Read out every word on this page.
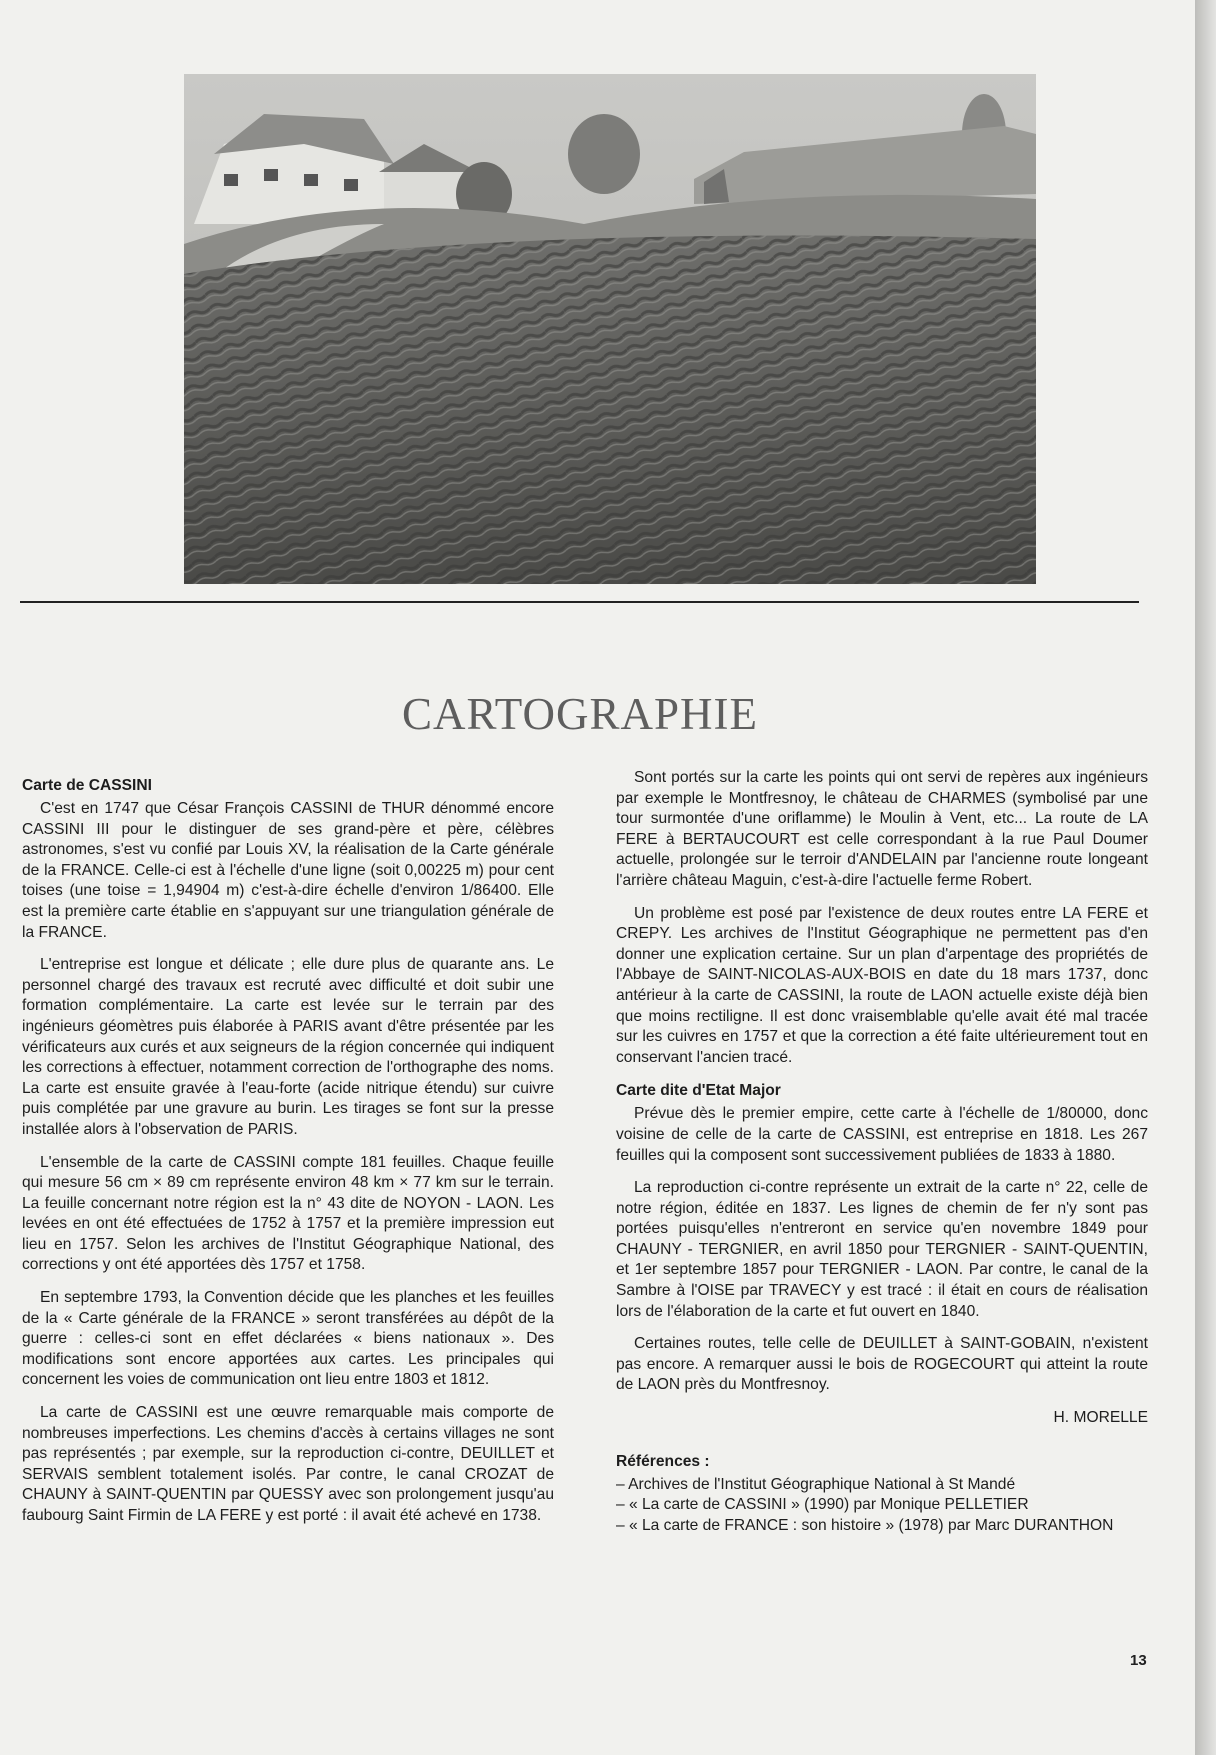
CARTOGRAPHIE
Carte de CASSINI

C'est en 1747 que César François CASSINI de THUR dénommé encore CASSINI III pour le distinguer de ses grand-père et père, célèbres astronomes, s'est vu confié par Louis XV, la réalisation de la Carte générale de la FRANCE. Celle-ci est à l'échelle d'une ligne (soit 0,00225 m) pour cent toises (une toise = 1,94904 m) c'est-à-dire échelle d'environ 1/86400. Elle est la première carte établie en s'appuyant sur une triangulation générale de la FRANCE.

L'entreprise est longue et délicate ; elle dure plus de quarante ans. Le personnel chargé des travaux est recruté avec difficulté et doit subir une formation complémentaire. La carte est levée sur le terrain par des ingénieurs géomètres puis élaborée à PARIS avant d'être présentée par les vérificateurs aux curés et aux seigneurs de la région concernée qui indiquent les corrections à effectuer, notamment correction de l'orthographe des noms. La carte est ensuite gravée à l'eau-forte (acide nitrique étendu) sur cuivre puis complétée par une gravure au burin. Les tirages se font sur la presse installée alors à l'observation de PARIS.

L'ensemble de la carte de CASSINI compte 181 feuilles. Chaque feuille qui mesure 56 cm × 89 cm représente environ 48 km × 77 km sur le terrain. La feuille concernant notre région est la n° 43 dite de NOYON - LAON. Les levées en ont été effectuées de 1752 à 1757 et la première impression eut lieu en 1757. Selon les archives de l'Institut Géographique National, des corrections y ont été apportées dès 1757 et 1758.

En septembre 1793, la Convention décide que les planches et les feuilles de la « Carte générale de la FRANCE » seront transférées au dépôt de la guerre : celles-ci sont en effet déclarées « biens nationaux ». Des modifications sont encore apportées aux cartes. Les principales qui concernent les voies de communication ont lieu entre 1803 et 1812.

La carte de CASSINI est une œuvre remarquable mais comporte de nombreuses imperfections. Les chemins d'accès à certains villages ne sont pas représentés ; par exemple, sur la reproduction ci-contre, DEUILLET et SERVAIS semblent totalement isolés. Par contre, le canal CROZAT de CHAUNY à SAINT-QUENTIN par QUESSY avec son prolongement jusqu'au faubourg Saint Firmin de LA FERE y est porté : il avait été achevé en 1738.

Sont portés sur la carte les points qui ont servi de repères aux ingénieurs par exemple le Montfresnoy, le château de CHARMES (symbolisé par une tour surmontée d'une oriflamme) le Moulin à Vent, etc... La route de LA FERE à BERTAUCOURT est celle correspondant à la rue Paul Doumer actuelle, prolongée sur le terroir d'ANDELAIN par l'ancienne route longeant l'arrière château Maguin, c'est-à-dire l'actuelle ferme Robert.

Un problème est posé par l'existence de deux routes entre LA FERE et CREPY. Les archives de l'Institut Géographique ne permettent pas d'en donner une explication certaine. Sur un plan d'arpentage des propriétés de l'Abbaye de SAINT-NICOLAS-AUX-BOIS en date du 18 mars 1737, donc antérieur à la carte de CASSINI, la route de LAON actuelle existe déjà bien que moins rectiligne. Il est donc vraisemblable qu'elle avait été mal tracée sur les cuivres en 1757 et que la correction a été faite ultérieurement tout en conservant l'ancien tracé.

Carte dite d'Etat Major

Prévue dès le premier empire, cette carte à l'échelle de 1/80000, donc voisine de celle de la carte de CASSINI, est entreprise en 1818. Les 267 feuilles qui la composent sont successivement publiées de 1833 à 1880.

La reproduction ci-contre représente un extrait de la carte n° 22, celle de notre région, éditée en 1837. Les lignes de chemin de fer n'y sont pas portées puisqu'elles n'entreront en service qu'en novembre 1849 pour CHAUNY - TERGNIER, en avril 1850 pour TERGNIER - SAINT-QUENTIN, et 1er septembre 1857 pour TERGNIER - LAON. Par contre, le canal de la Sambre à l'OISE par TRAVECY y est tracé : il était en cours de réalisation lors de l'élaboration de la carte et fut ouvert en 1840.

Certaines routes, telle celle de DEUILLET à SAINT-GOBAIN, n'existent pas encore. A remarquer aussi le bois de ROGECOURT qui atteint la route de LAON près du Montfresnoy.

H. MORELLE

Références :
– Archives de l'Institut Géographique National à St Mandé
– « La carte de CASSINI » (1990) par Monique PELLETIER
– « La carte de FRANCE : son histoire » (1978) par Marc DURANTHON
13
